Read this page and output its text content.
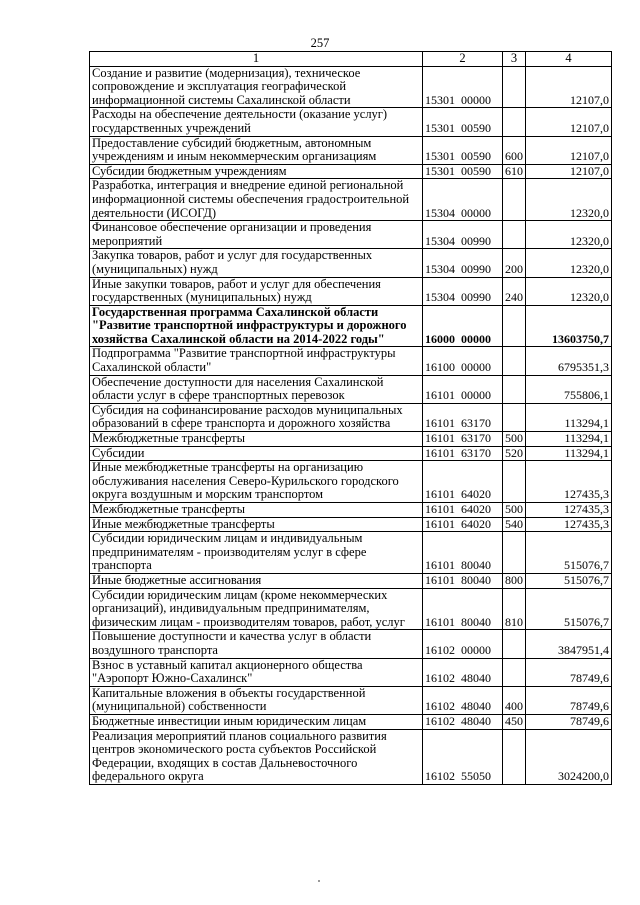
257
1	2	3	4
Создание и развитие (модернизация), техническое сопровождение и эксплуатация географической информационной системы Сахалинской области	15301  00000		12107,0
Расходы на обеспечение деятельности (оказание услуг) государственных учреждений	15301  00590		12107,0
Предоставление субсидий бюджетным, автономным учреждениям и иным некоммерческим организациям	15301  00590	600	12107,0
Субсидии бюджетным учреждениям	15301  00590	610	12107,0
Разработка, интеграция и внедрение единой региональной информационной системы обеспечения градостроительной деятельности (ИСОГД)	15304  00000		12320,0
Финансовое обеспечение организации и проведения мероприятий	15304  00990		12320,0
Закупка товаров, работ и услуг для государственных (муниципальных) нужд	15304  00990	200	12320,0
Иные закупки товаров, работ и услуг для обеспечения государственных (муниципальных) нужд	15304  00990	240	12320,0
Государственная программа Сахалинской области "Развитие транспортной инфраструктуры и дорожного хозяйства Сахалинской области на 2014-2022 годы"	16000  00000		13603750,7
Подпрограмма "Развитие транспортной инфраструктуры Сахалинской области"	16100  00000		6795351,3
Обеспечение доступности для населения Сахалинской области услуг в сфере транспортных перевозок	16101  00000		755806,1
Субсидия на софинансирование расходов муниципальных образований в сфере транспорта и дорожного хозяйства	16101  63170		113294,1
Межбюджетные трансферты	16101  63170	500	113294,1
Субсидии	16101  63170	520	113294,1
Иные межбюджетные трансферты на организацию обслуживания населения Северо-Курильского городского округа воздушным и морским транспортом	16101  64020		127435,3
Межбюджетные трансферты	16101  64020	500	127435,3
Иные межбюджетные трансферты	16101  64020	540	127435,3
Субсидии юридическим лицам и индивидуальным предпринимателям - производителям услуг в сфере транспорта	16101  80040		515076,7
Иные бюджетные ассигнования	16101  80040	800	515076,7
Субсидии юридическим лицам (кроме некоммерческих организаций), индивидуальным предпринимателям, физическим лицам - производителям товаров, работ, услуг	16101  80040	810	515076,7
Повышение доступности и качества услуг в области воздушного транспорта	16102  00000		3847951,4
Взнос в уставный капитал акционерного общества "Аэропорт Южно-Сахалинск"	16102  48040		78749,6
Капитальные вложения в объекты государственной (муниципальной) собственности	16102  48040	400	78749,6
Бюджетные инвестиции иным юридическим лицам	16102  48040	450	78749,6
Реализация мероприятий планов социального развития центров экономического роста субъектов Российской Федерации, входящих в состав Дальневосточного федерального округа	16102  55050		3024200,0
